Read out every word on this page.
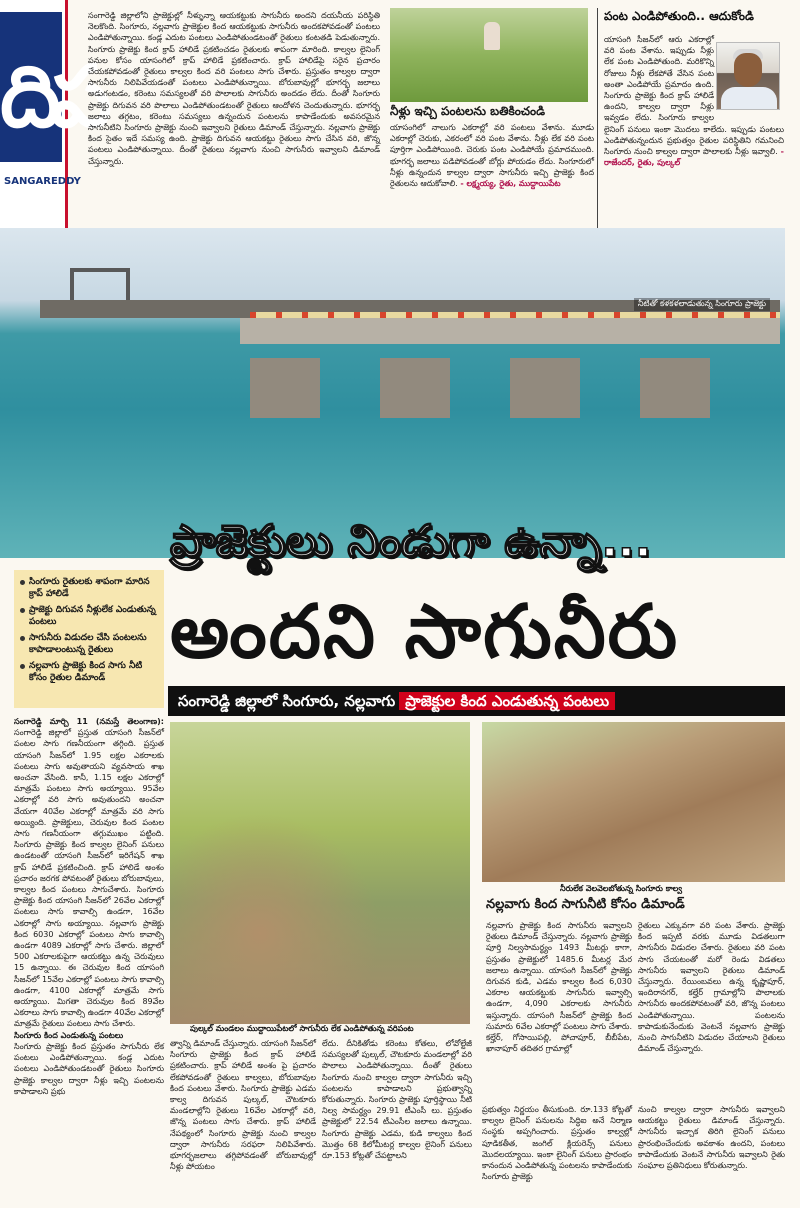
దిప
SANGAREDDY
సంగారెడ్డి జిల్లాలోని ప్రాజెక్టుల్లో నీళ్ళున్నా ఆయకట్టుకు సాగునీరు అందని దయనీయ పరిస్థితి నెలకొంది. సింగూరు, నల్లవాగు ప్రాజెక్టుల కింద ఆయకట్టుకు సాగునీరు అందకపోవడంతో పంటలు ఎండిపోతున్నాయి. కండ్ల ఎదుట పంటలు ఎండిపోతుండటంతో రైతులు కంటతడి పెడుతున్నారు. సింగూరు ప్రాజెక్టు కింద క్రాప్ హాలిడే ప్రకటించడం రైతులకు శాపంగా మారింది. కాల్వల లైనింగ్ పనుల కోసం యాసంగిలో క్రాప్ హాలిడే ప్రకటించారు. క్రాప్ హాలిడేపై సరైన ప్రచారం చేయకపోవడంతో రైతులు కాల్వల కింద వరి పంటలు సాగు చేశారు. ప్రస్తుతం కాల్వల ద్వారా సాగునీరు నిలిపివేయడంతో పంటలు ఎండిపోతున్నాయి. బోరుబావుల్లో భూగర్భ జలాలు అడుగంటడం, కరెంటు సమస్యలతో వరి పొలాలకు సాగునీరు అందడం లేదు. దీంతో సింగూరు ప్రాజెక్టు దిగువన వరి పొలాలు ఎండిపోతుండటంతో రైతులు ఆందోళన చెందుతున్నారు. భూగర్భ జలాలు తగ్గటం, కరెంటు సమస్యలు ఉన్నందున పంటలను కాపాడేందుకు అవసరమైన సాగునీటిని సింగూరు ప్రాజెక్టు నుంచి ఇవ్వాలని రైతులు డిమాండ్ చేస్తున్నారు. నల్లవాగు ప్రాజెక్టు కింద సైతం ఇదే సమస్య ఉంది. ప్రాజెక్టు దిగువన ఆయకట్టు రైతులు సాగు చేసిన వరి, జొన్న పంటలు ఎండిపోతున్నాయి. దీంతో రైతులు నల్లవాగు నుంచి సాగునీరు ఇవ్వాలని డిమాండ్ చేస్తున్నారు.
నీళ్లు ఇచ్చి పంటలను బతికించండి
యాసంగిలో నాలుగు ఎకరాల్లో వరి పంటలు వేశాను. మూడు ఎకరాల్లో చెరుకు, ఎకరంలో వరి పంట వేశాను. నీళ్లు లేక వరి పంట పూర్తిగా ఎండిపోయింది. చెరుకు పంట ఎండిపోయే ప్రమాదముంది. భూగర్భ జలాలు పడిపోవడంతో బోర్లు పోయడం లేదు. సింగూరులో నీళ్లు ఉన్నందున కాల్వల ద్వారా సాగునీరు ఇచ్చి ప్రాజెక్టు కింద రైతులను ఆదుకోవాలి. - లక్ష్మయ్య, రైతు, ముద్దాయిపేట
పంట ఎండిపోతుంది.. ఆదుకోండి
యాసంగి సీజన్‌లో ఆరు ఎకరాల్లో వరి పంట వేశాను. ఇప్పుడు నీళ్లు లేక పంట ఎండిపోతుంది. మరికొన్ని రోజులు నీళ్లు లేకపోతే వేసిన పంట అంతా ఎండిపోయే ప్రమాదం ఉంది. సింగూరు ప్రాజెక్టు కింద క్రాప్ హాలిడే ఉందని, కాల్వల ద్వారా నీళ్లు ఇవ్వడం లేదు. సింగూరు కాల్వల లైనింగ్ పనులు ఇంకా మొదలు కాలేదు. ఇప్పుడు పంటలు ఎండిపోతున్నందున ప్రభుత్వం రైతుల పరిస్థితిని గమనించి సింగూరు నుంచి కాల్వల ద్వారా పొలాలకు నీళ్లు ఇవ్వాలి. - రాజేందర్, రైతు, పుల్కల్
నీటితో కళకళలాడుతున్న సింగూరు ప్రాజెక్టు
ప్రాజెక్టులు నిండుగా ఉన్నా...
అందని సాగునీరు
సంగారెడ్డి జిల్లాలో సింగూరు, నల్లవాగు ప్రాజెక్టుల కింద ఎండుతున్న పంటలు
సింగూరు రైతులకు శాపంగా మారిన క్రాప్ హాలిడే
ప్రాజెక్టు దిగువన నీళ్లులేక ఎండుతున్న పంటలు
సాగునీరు విడుదల చేసి పంటలను కాపాడాలంటున్న రైతులు
నల్లవాగు ప్రాజెక్టు కింద సాగు నీటి కోసం రైతుల డిమాండ్
సంగారెడ్డి మార్చి 11 (నమస్తే తెలంగాణ): సంగారెడ్డి జిల్లాలో ప్రస్తుత యాసంగి సీజన్‌లో పంటల సాగు గణనీయంగా తగ్గింది. ప్రస్తుత యాసంగి సీజన్‌లో 1.95 లక్షల ఎకరాలకు పంటలు సాగు అవుతాయని వ్యవసాయ శాఖ అంచనా వేసింది. కానీ, 1.15 లక్షల ఎకరాల్లో మాత్రమే పంటలు సాగు అయ్యాయి. 95వేల ఎకరాల్లో వరి సాగు అవుతుందని అంచనా వేయగా 40వేల ఎకరాల్లో మాత్రమే వరి సాగు అయ్యింది. ప్రాజెక్టులు, చెరువుల కింద పంటల సాగు గణనీయంగా తగ్గుముఖం పట్టింది. సింగూరు ప్రాజెక్టు కింద కాల్వల లైనింగ్ పనులు ఉండటంతో యాసంగి సీజన్‌లో ఇరిగేషన్ శాఖ క్రాప్ హాలిడే ప్రకటించింది. క్రాప్ హాలిడే అంశం ప్రచారం జరగక పోవటంతో రైతులు బోరుబావులు, కాల్వల కింద పంటలు సాగుచేశారు. సింగూరు ప్రాజెక్టు కింద యాసంగి సీజన్‌లో 26వేల ఎకరాల్లో పంటలు సాగు కావాల్సి ఉండగా, 16వేల ఎకరాల్లో సాగు అయ్యాయి. నల్లవాగు ప్రాజెక్టు కింద 6030 ఎకరాల్లో పంటలు సాగు కావాల్సి ఉండగా 4089 ఎకరాల్లో సాగు చేశారు. జిల్లాలో 500 ఎకరాలకుపైగా ఆయకట్టు ఉన్న చెరువులు 15 ఉన్నాయి. ఈ చెరువుల కింద యాసంగి సీజన్‌లో 15వేల ఎకరాల్లో పంటలు సాగు కావాల్సి ఉండగా, 4100 ఎకరాల్లో మాత్రమే సాగు అయ్యాయి. మిగతా చెరువుల కింద 89వేల ఎకరాలు సాగు కావాల్సి ఉండగా 40వేల ఎకరాల్లో మాత్రమే రైతులు పంటలు సాగు చేశారు.
సింగూరు కింద ఎండుతున్న పంటలు
సింగూరు ప్రాజెక్టు కింద ప్రస్తుతం సాగునీరు లేక పంటలు ఎండిపోతున్నాయి. కండ్ల ఎదుట పంటలు ఎండిపోతుండటంతో రైతులు సింగూరు ప్రాజెక్టు కాల్వల ద్వారా నీళ్లు ఇచ్చి పంటలను కాపాడాలని ప్రభు
పుల్కల్ మండలం ముద్దాయిపేటలో సాగునీరు లేక ఎండిపోతున్న వరిపంట
త్వాన్ని డిమాండ్ చేస్తున్నారు. యాసంగి సీజన్‌లో సింగూరు ప్రాజెక్టు కింద క్రాప్ హాలిడే ప్రకటించారు. క్రాప్ హాలిడే అంశం పై ప్రచారం లేకపోవడంతో రైతులు కాల్వలు, బోరుబావుల కింద పంటలు వేశారు. సింగూరు ప్రాజెక్టు ఎడమ కాల్వ దిగువన పుల్కల్, చౌటకూరు మండలాల్లోని రైతులు 16వేల ఎకరాల్లో వరి, జొన్న పంటలు సాగు చేశారు. క్రాప్ హాలిడే నేపథ్యంలో సింగూరు ప్రాజెక్టు నుంచి కాల్వల ద్వారా సాగునీరు సరఫరా నిలిపివేశారు. భూగర్భజలాలు తగ్గిపోవడంతో బోరుబావుల్లో నీళ్లు పోయటం
లేదు. దీనికితోడు కరెంటు కోతలు, లోవోల్టేజీ సమస్యలతో పుల్కల్, చౌటకూరు మండలాల్లో వరి పొలాలు ఎండిపోతున్నాయి. దీంతో రైతులు సింగూరు నుంచి కాల్వల ద్వారా సాగునీరు ఇచ్చి పంటలను కాపాడాలని ప్రభుత్వాన్ని కోరుతున్నారు. సింగూరు ప్రాజెక్టు పూర్తిస్థాయి నీటి నిల్వ సామర్థ్యం 29.91 టీఎంసీ లు. ప్రస్తుతం ప్రాజెక్టులో 22.54 టీఎంసీల జలాలు ఉన్నాయి. సింగూరు ప్రాజెక్టు ఎడమ, కుడి కాల్వలు కింద మొత్తం 68 కిలోమీటర్ల కాల్వల లైనింగ్ పనులు రూ.153 కోట్లతో చేపట్టాలని
నీరులేక వెలవెలబోతున్న సింగూరు కాల్వ
నల్లవాగు కింద సాగునీటి కోసం డిమాండ్
నల్లవాగు ప్రాజెక్టు కింద సాగునీరు ఇవ్వాలని రైతులు డిమాండ్ చేస్తున్నారు. నల్లవాగు ప్రాజెక్టు పూర్తి నిల్వసామర్థ్యం 1493 మీటర్లు కాగా, ప్రస్తుతం ప్రాజెక్టులో 1485.6 మీటర్ల మేర జలాలు ఉన్నాయి. యాసంగి సీజన్‌లో ప్రాజెక్టు దిగువన కుడి, ఎడమ కాల్వల కింద 6,030 ఎకరాల ఆయకట్టుకు సాగునీరు ఇవ్వాల్సి ఉండగా, 4,090 ఎకరాలకు సాగునీరు ఇస్తున్నారు. యాసంగి సీజన్‌లో ప్రాజెక్టు కింద సుమారు 6వేల ఎకరాల్లో పంటలు సాగు చేశారు. కల్హేర్, గోసాయిపల్లి, పోచాపూర్, బీబీపేట, ఖానాపూర్ తదితర గ్రామాల్లో
రైతులు ఎక్కువగా వరి పంట వేశారు. ప్రాజెక్టు కింద ఇప్పటి వరకు మూడు విడతలుగా సాగునీరు విడుదల చేశారు. రైతులు వరి పంట సాగు చేయటంతో మరో రెండు విడతలు సాగునీరు ఇవ్వాలని రైతులు డిమాండ్ చేస్తున్నారు. రేయింబవలు ఉన్న కృష్ణాపూర్, ఇందిరానగర్, కల్హేర్ గ్రామాల్లోని పొలాలకు సాగునీరు అందకపోవటంతో వరి, జొన్న పంటలు ఎండిపోతున్నాయి. పంటలను కాపాడుకునేందుకు వెంటనే నల్లవాగు ప్రాజెక్టు నుంచి సాగునీటిని విడుదల చేయాలని రైతులు డిమాండ్ చేస్తున్నారు.
ప్రభుత్వం నిర్ణయం తీసుకుంది. రూ.133 కోట్లతో కాల్వల లైనింగ్ పనులను సిద్ధిఐ అనే నిర్మాణ సంస్థకు అప్పగించారు. ప్రస్తుతం కాల్వల్లో పూడికతీత, జంగిల్ క్లియరెన్స్ పనులు మొదలయ్యాయి. ఇంకా లైనింగ్ పనులు ప్రారంభం కానందున ఎండిపోతున్న పంటలను కాపాడేందుకు సింగూరు ప్రాజెక్టు
నుంచి కాల్వల ద్వారా సాగునీరు ఇవ్వాలని ఆయకట్టు రైతులు డిమాండ్ చేస్తున్నారు. సాగునీరు ఇచ్చాక తిరిగి లైనింగ్ పనులు ప్రారంభించేందుకు అవకాశం ఉందని, పంటలు కాపాడేందుకు వెంటనే సాగునీరు ఇవ్వాలని రైతు సంఘాల ప్రతినిధులు కోరుతున్నారు.
